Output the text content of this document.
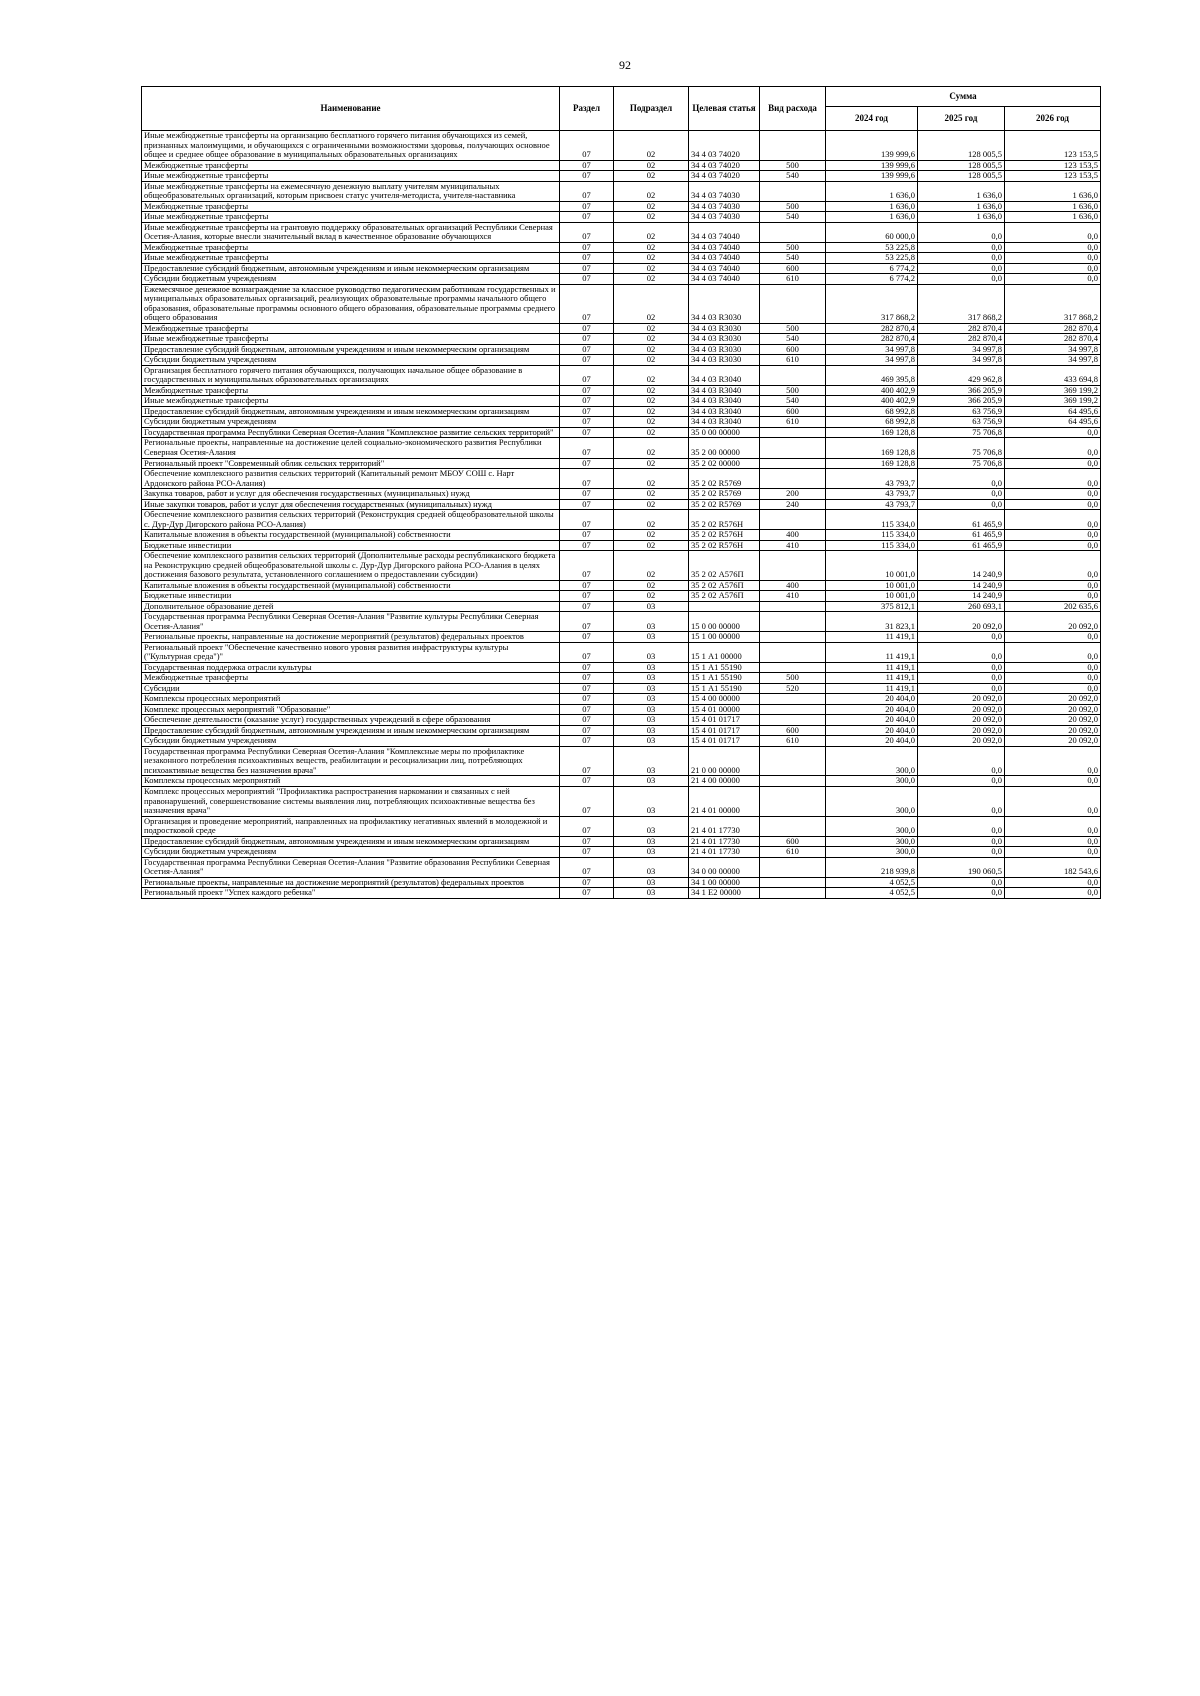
92
Наименование	Раздел	Подраздел	Целевая статья	Вид расхода	Сумма		
					2024 год	2025 год	2026 год
Иные межбюджетные трансферты на организацию бесплатного горячего питания обучающихся из семей, признанных малоимущими, и обучающихся с ограниченными возможностями здоровья, получающих основное общее и среднее общее образование в муниципальных образовательных организациях	07	02	34 4 03 74020		139 999,6	128 005,5	123 153,5
Межбюджетные трансферты	07	02	34 4 03 74020	500	139 999,6	128 005,5	123 153,5
Иные межбюджетные трансферты	07	02	34 4 03 74020	540	139 999,6	128 005,5	123 153,5
Иные межбюджетные трансферты на ежемесячную денежную выплату учителям муниципальных общеобразовательных организаций, которым присвоен статус учителя-методиста, учителя-наставника	07	02	34 4 03 74030		1 636,0	1 636,0	1 636,0
Межбюджетные трансферты	07	02	34 4 03 74030	500	1 636,0	1 636,0	1 636,0
Иные межбюджетные трансферты	07	02	34 4 03 74030	540	1 636,0	1 636,0	1 636,0
Иные межбюджетные трансферты на грантовую поддержку образовательных организаций Республики Северная Осетия-Алания, которые внесли значительный вклад в качественное образование обучающихся	07	02	34 4 03 74040		60 000,0	0,0	0,0
Межбюджетные трансферты	07	02	34 4 03 74040	500	53 225,8	0,0	0,0
Иные межбюджетные трансферты	07	02	34 4 03 74040	540	53 225,8	0,0	0,0
Предоставление субсидий бюджетным, автономным учреждениям и иным некоммерческим организациям	07	02	34 4 03 74040	600	6 774,2	0,0	0,0
Субсидии бюджетным учреждениям	07	02	34 4 03 74040	610	6 774,2	0,0	0,0
Ежемесячное денежное вознаграждение за классное руководство педагогическим работникам государственных и муниципальных образовательных организаций, реализующих образовательные программы начального общего образования, образовательные программы основного общего образования, образовательные программы среднего общего образования	07	02	34 4 03 R3030		317 868,2	317 868,2	317 868,2
Межбюджетные трансферты	07	02	34 4 03 R3030	500	282 870,4	282 870,4	282 870,4
Иные межбюджетные трансферты	07	02	34 4 03 R3030	540	282 870,4	282 870,4	282 870,4
Предоставление субсидий бюджетным, автономным учреждениям и иным некоммерческим организациям	07	02	34 4 03 R3030	600	34 997,8	34 997,8	34 997,8
Субсидии бюджетным учреждениям	07	02	34 4 03 R3030	610	34 997,8	34 997,8	34 997,8
Организация бесплатного горячего питания обучающихся, получающих начальное общее образование в государственных и муниципальных образовательных организациях	07	02	34 4 03 R3040		469 395,8	429 962,8	433 694,8
Межбюджетные трансферты	07	02	34 4 03 R3040	500	400 402,9	366 205,9	369 199,2
Иные межбюджетные трансферты	07	02	34 4 03 R3040	540	400 402,9	366 205,9	369 199,2
Предоставление субсидий бюджетным, автономным учреждениям и иным некоммерческим организациям	07	02	34 4 03 R3040	600	68 992,8	63 756,9	64 495,6
Субсидии бюджетным учреждениям	07	02	34 4 03 R3040	610	68 992,8	63 756,9	64 495,6
Государственная программа Республики Северная Осетия-Алания "Комплексное развитие сельских территорий"	07	02	35 0 00 00000		169 128,8	75 706,8	0,0
Региональные проекты, направленные на достижение целей социально-экономического развития Республики Северная Осетия-Алания	07	02	35 2 00 00000		169 128,8	75 706,8	0,0
Региональный проект "Современный облик сельских территорий"	07	02	35 2 02 00000		169 128,8	75 706,8	0,0
Обеспечение комплексного развития сельских территорий (Капитальный ремонт МБОУ СОШ с. Нарт Ардонского района РСО-Алания)	07	02	35 2 02 R5769		43 793,7	0,0	0,0
Закупка товаров, работ и услуг для обеспечения государственных (муниципальных) нужд	07	02	35 2 02 R5769	200	43 793,7	0,0	0,0
Иные закупки товаров, работ и услуг для обеспечения государственных (муниципальных) нужд	07	02	35 2 02 R5769	240	43 793,7	0,0	0,0
Обеспечение комплексного развития сельских территорий (Реконструкция средней общеобразовательной школы с. Дур-Дур Дигорского района РСО-Алания)	07	02	35 2 02 R576Н		115 334,0	61 465,9	0,0
Капитальные вложения в объекты государственной (муниципальной) собственности	07	02	35 2 02 R576Н	400	115 334,0	61 465,9	0,0
Бюджетные инвестиции	07	02	35 2 02 R576Н	410	115 334,0	61 465,9	0,0
Обеспечение комплексного развития сельских территорий (Дополнительные расходы республиканского бюджета на Реконструкцию средней общеобразовательной школы с. Дур-Дур Дигорского района РСО-Алания в целях достижения базового результата, установленного соглашением о предоставлении субсидии)	07	02	35 2 02 А576П		10 001,0	14 240,9	0,0
Капитальные вложения в объекты государственной (муниципальной) собственности	07	02	35 2 02 А576П	400	10 001,0	14 240,9	0,0
Бюджетные инвестиции	07	02	35 2 02 А576П	410	10 001,0	14 240,9	0,0
Дополнительное образование детей	07	03			375 812,1	260 693,1	202 635,6
Государственная программа Республики Северная Осетия-Алания "Развитие культуры Республики Северная Осетия-Алания"	07	03	15 0 00 00000		31 823,1	20 092,0	20 092,0
Региональные проекты, направленные на достижение мероприятий (результатов) федеральных проектов	07	03	15 1 00 00000		11 419,1	0,0	0,0
Региональный проект "Обеспечение качественно нового уровня развития инфраструктуры культуры ("Культурная среда")"	07	03	15 1 А1 00000		11 419,1	0,0	0,0
Государственная поддержка отрасли культуры	07	03	15 1 А1 55190		11 419,1	0,0	0,0
Межбюджетные трансферты	07	03	15 1 А1 55190	500	11 419,1	0,0	0,0
Субсидии	07	03	15 1 А1 55190	520	11 419,1	0,0	0,0
Комплексы процессных мероприятий	07	03	15 4 00 00000		20 404,0	20 092,0	20 092,0
Комплекс процессных мероприятий "Образование"	07	03	15 4 01 00000		20 404,0	20 092,0	20 092,0
Обеспечение деятельности (оказание услуг) государственных учреждений в сфере образования	07	03	15 4 01 01717		20 404,0	20 092,0	20 092,0
Предоставление субсидий бюджетным, автономным учреждениям и иным некоммерческим организациям	07	03	15 4 01 01717	600	20 404,0	20 092,0	20 092,0
Субсидии бюджетным учреждениям	07	03	15 4 01 01717	610	20 404,0	20 092,0	20 092,0
Государственная программа Республики Северная Осетия-Алания "Комплексные меры по профилактике незаконного потребления психоактивных веществ, реабилитации и ресоциализации лиц, потребляющих психоактивные вещества без назначения врача"	07	03	21 0 00 00000		300,0	0,0	0,0
Комплексы процессных мероприятий	07	03	21 4 00 00000		300,0	0,0	0,0
Комплекс процессных мероприятий "Профилактика распространения наркомании и связанных с ней правонарушений, совершенствование системы выявления лиц, потребляющих психоактивные вещества без назначения врача"	07	03	21 4 01 00000		300,0	0,0	0,0
Организация и проведение мероприятий, направленных на профилактику негативных явлений в молодежной и подростковой среде	07	03	21 4 01 17730		300,0	0,0	0,0
Предоставление субсидий бюджетным, автономным учреждениям и иным некоммерческим организациям	07	03	21 4 01 17730	600	300,0	0,0	0,0
Субсидии бюджетным учреждениям	07	03	21 4 01 17730	610	300,0	0,0	0,0
Государственная программа Республики Северная Осетия-Алания "Развитие образования Республики Северная Осетия-Алания"	07	03	34 0 00 00000		218 939,8	190 060,5	182 543,6
Региональные проекты, направленные на достижение мероприятий (результатов) федеральных проектов	07	03	34 1 00 00000		4 052,5	0,0	0,0
Региональный проект "Успех каждого ребенка"	07	03	34 1 Е2 00000		4 052,5	0,0	0,0
